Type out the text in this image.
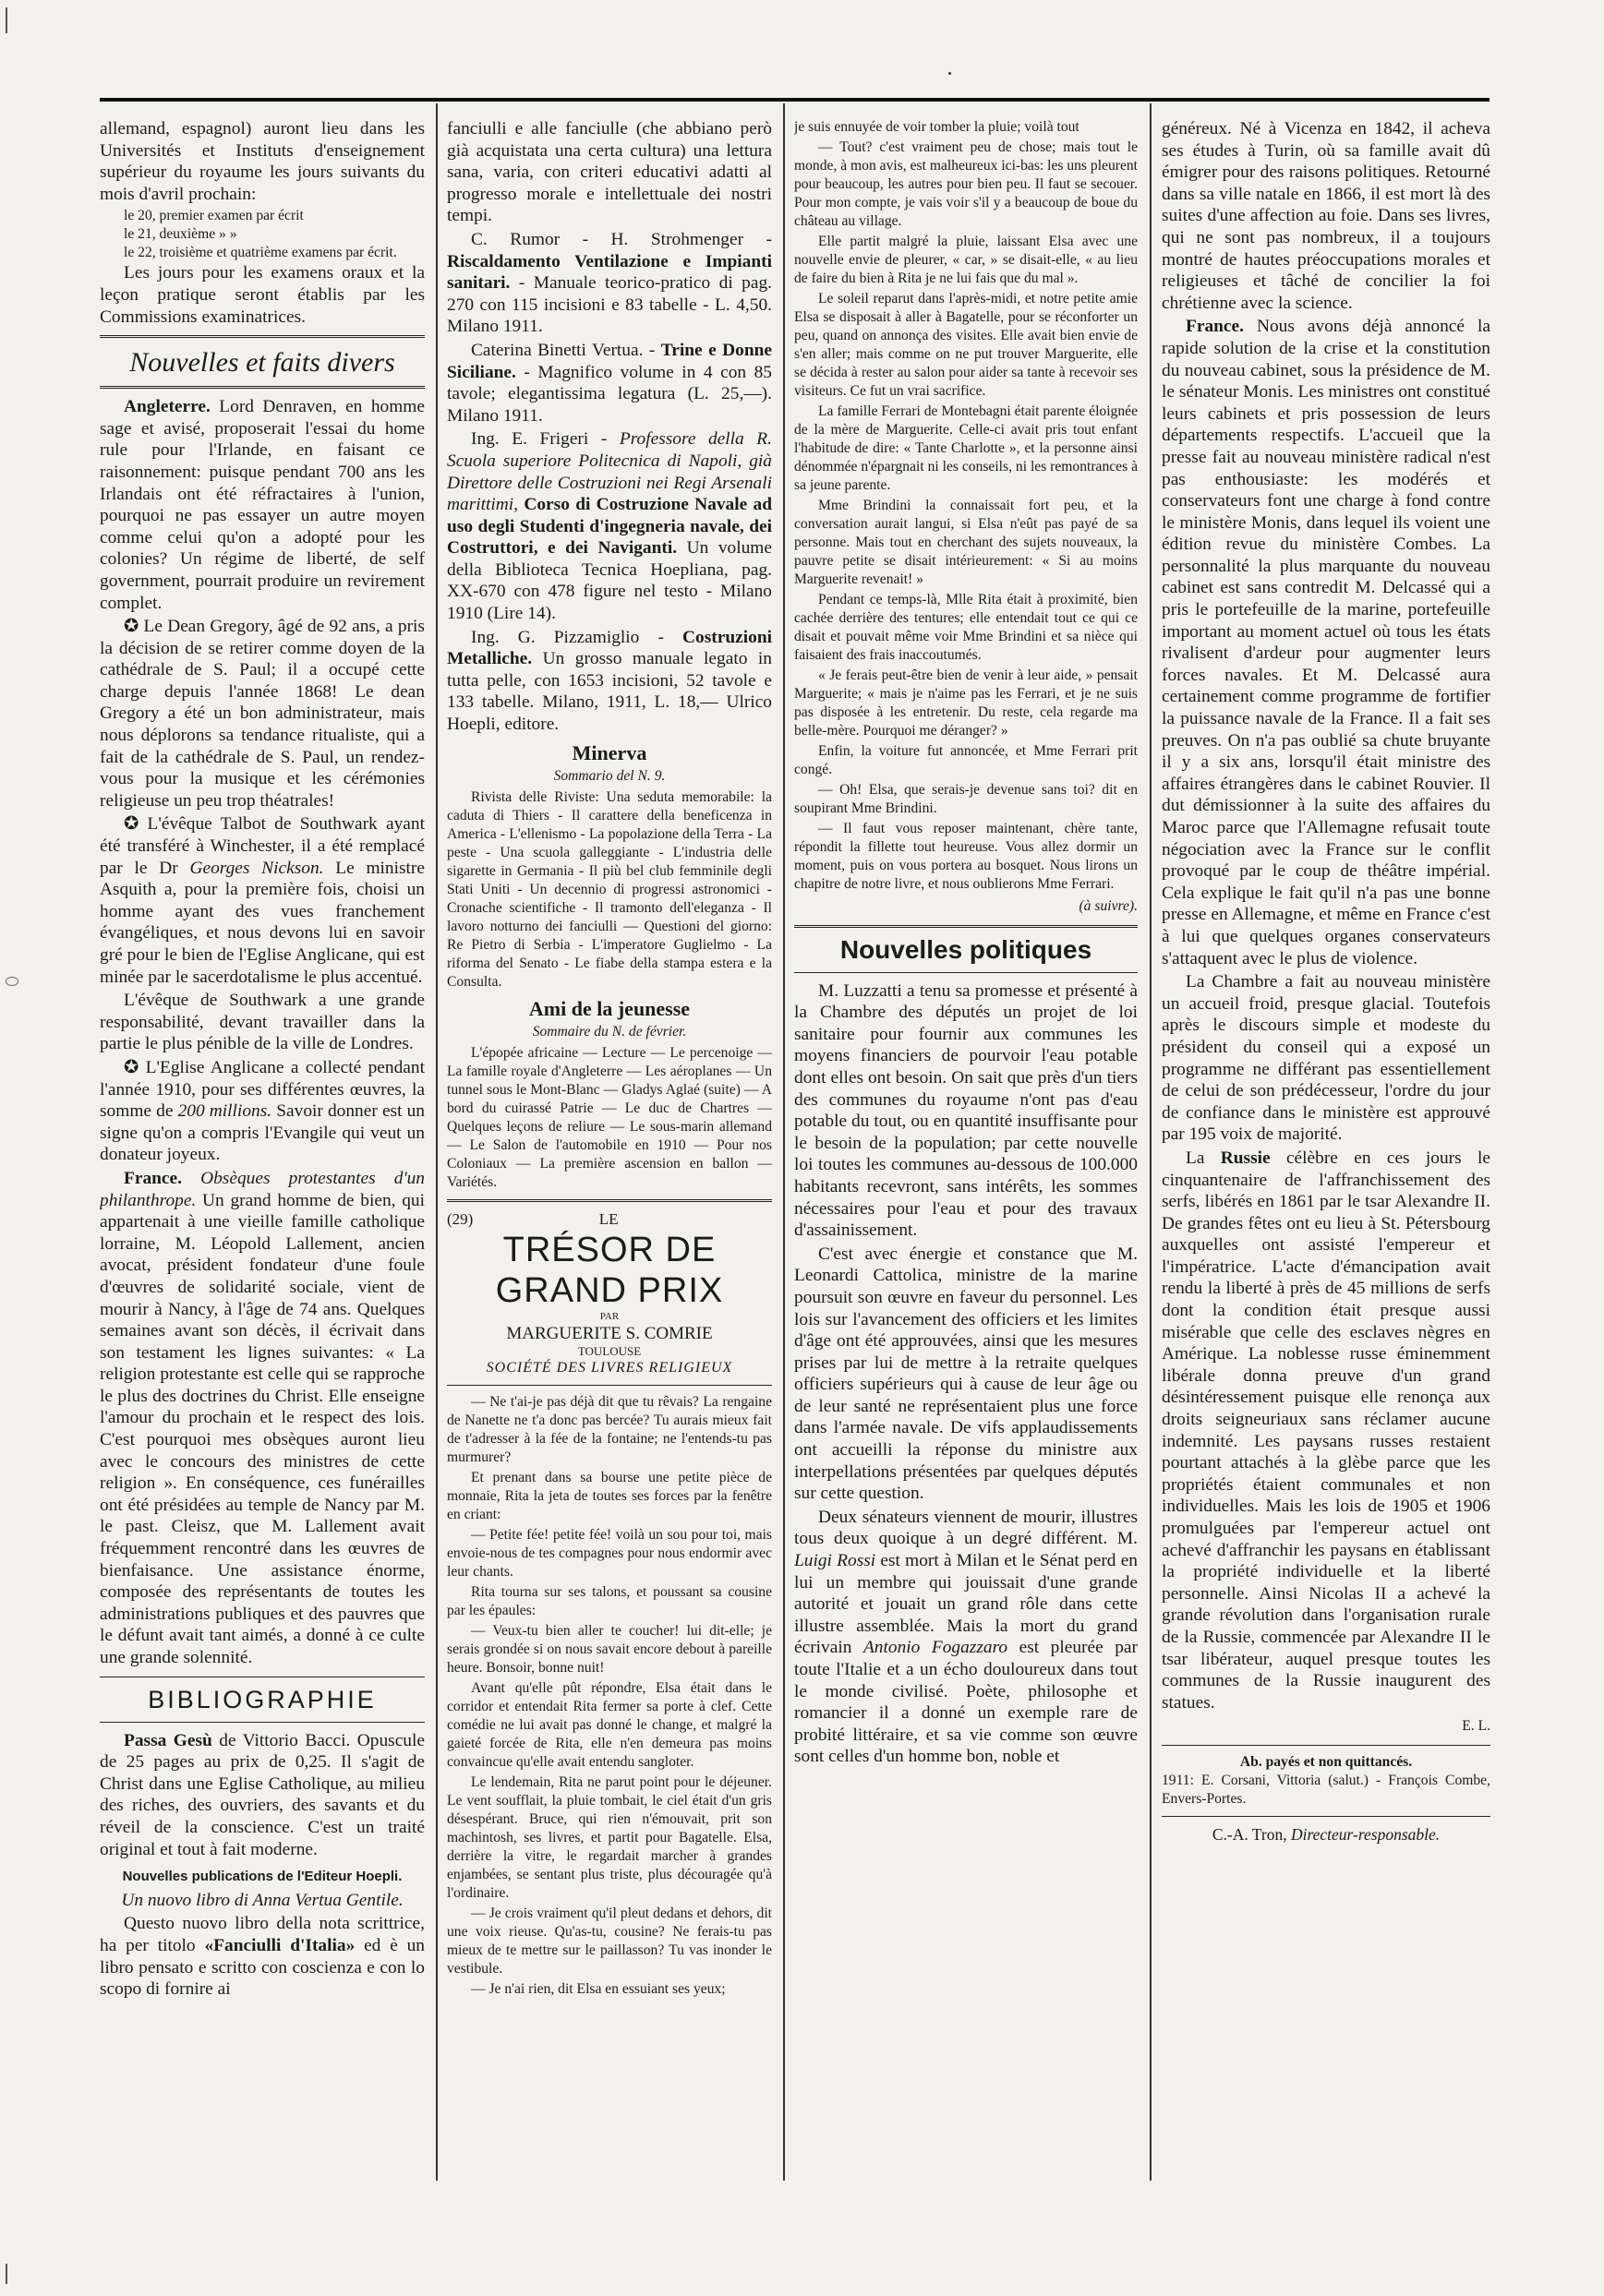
allemand, espagnol) auront lieu dans les Universités et Instituts d'enseignement supérieur du royaume les jours suivants du mois d'avril prochain:

le 20, premier examen par écrit
le 21, deuxième » »
le 22, troisième et quatrième examens par écrit.

Les jours pour les examens oraux et la leçon pratique seront établis par les Commissions examinatrices.

Nouvelles et faits divers

Angleterre. Lord Denraven, en homme sage et avisé, proposerait l'essai du home rule pour l'Irlande, en faisant ce raisonnement: puisque pendant 700 ans les Irlandais ont été réfractaires à l'union, pourquoi ne pas essayer un autre moyen comme celui qu'on a adopté pour les colonies? Un régime de liberté, de self government, pourrait produire un revirement complet.

✪ Le Dean Gregory, âgé de 92 ans, a pris la décision de se retirer comme doyen de la cathédrale de S. Paul; il a occupé cette charge depuis l'année 1868! Le dean Gregory a été un bon administrateur, mais nous déplorons sa tendance ritualiste, qui a fait de la cathédrale de S. Paul, un rendez-vous pour la musique et les cérémonies religieuse un peu trop théatrales!

✪ L'évêque Talbot de Southwark ayant été transféré à Winchester, il a été remplacé par le Dr Georges Nickson. Le ministre Asquith a, pour la première fois, choisi un homme ayant des vues franchement évangéliques, et nous devons lui en savoir gré pour le bien de l'Eglise Anglicane, qui est minée par le sacerdotalisme le plus accentué.

L'évêque de Southwark a une grande responsabilité, devant travailler dans la partie le plus pénible de la ville de Londres.

✪ L'Eglise Anglicane a collecté pendant l'année 1910, pour ses différentes œuvres, la somme de 200 millions. Savoir donner est un signe qu'on a compris l'Evangile qui veut un donateur joyeux.

France. Obsèques protestantes d'un philanthrope. Un grand homme de bien, qui appartenait à une vieille famille catholique lorraine, M. Léopold Lallement, ancien avocat, président fondateur d'une foule d'œuvres de solidarité sociale, vient de mourir à Nancy, à l'âge de 74 ans. Quelques semaines avant son décès, il écrivait dans son testament les lignes suivantes: « La religion protestante est celle qui se rapproche le plus des doctrines du Christ. Elle enseigne l'amour du prochain et le respect des lois. C'est pourquoi mes obsèques auront lieu avec le concours des ministres de cette religion ». En conséquence, ces funérailles ont été présidées au temple de Nancy par M. le past. Cleisz, que M. Lallement avait fréquemment rencontré dans les œuvres de bienfaisance. Une assistance énorme, composée des représentants de toutes les administrations publiques et des pauvres que le défunt avait tant aimés, a donné à ce culte une grande solennité.

BIBLIOGRAPHIE

Passa Gesù de Vittorio Bacci. Opuscule de 25 pages au prix de 0,25. Il s'agit de Christ dans une Eglise Catholique, au milieu des riches, des ouvriers, des savants et du réveil de la conscience. C'est un traité original et tout à fait moderne.

Nouvelles publications de l'Editeur Hoepli.

Un nuovo libro di Anna Vertua Gentile.

Questo nuovo libro della nota scrittrice, ha per titolo «Fanciulli d'Italia» ed è un libro pensato e scritto con coscienza e con lo scopo di fornire ai

fanciulli e alle fanciulle (che abbiano però già acquistata una certa cultura) una lettura sana, varia, con criteri educativi adatti al progresso morale e intellettuale dei nostri tempi.

C. Rumor - H. Strohmenger - Riscaldamento Ventilazione e Impianti sanitari. - Manuale teorico-pratico di pag. 270 con 115 incisioni e 83 tabelle - L. 4,50. Milano 1911.

Caterina Binetti Vertua. - Trine e Donne Siciliane. - Magnifico volume in 4 con 85 tavole; elegantissima legatura (L. 25,—). Milano 1911.

Ing. E. Frigeri - Professore della R. Scuola superiore Politecnica di Napoli, già Direttore delle Costruzioni nei Regi Arsenali marittimi, Corso di Costruzione Navale ad uso degli Studenti d'ingegneria navale, dei Costruttori, e dei Naviganti. Un volume della Biblioteca Tecnica Hoepliana, pag. XX-670 con 478 figure nel testo - Milano 1910 (Lire 14).

Ing. G. Pizzamiglio - Costruzioni Metalliche. Un grosso manuale legato in tutta pelle, con 1653 incisioni, 52 tavole e 133 tabelle. Milano, 1911, L. 18,— Ulrico Hoepli, editore.

Minerva
Sommario del N. 9.

Rivista delle Riviste: Una seduta memorabile: la caduta di Thiers - Il carattere della beneficenza in America - L'ellenismo - La popolazione della Terra - La peste - Una scuola galleggiante - L'industria delle sigarette in Germania - Il più bel club femminile degli Stati Uniti - Un decennio di progressi astronomici - Cronache scientifiche - Il tramonto dell'eleganza - Il lavoro notturno dei fanciulli — Questioni del giorno: Re Pietro di Serbia - L'imperatore Guglielmo - La riforma del Senato - Le fiabe della stampa estera e la Consulta.

Ami de la jeunesse
Sommaire du N. de février.

L'épopée africaine — Lecture — Le percenoige — La famille royale d'Angleterre — Les aéroplanes — Un tunnel sous le Mont-Blanc — Gladys Aglaé (suite) — A bord du cuirassé Patrie — Le duc de Chartres — Quelques leçons de reliure — Le sous-marin allemand — Le Salon de l'automobile en 1910 — Pour nos Coloniaux — La première ascension en ballon — Variétés.

(29)	LE
TRÉSOR DE GRAND PRIX
PAR
MARGUERITE S. COMRIE
TOULOUSE
SOCIÉTÉ DES LIVRES RELIGIEUX

— Ne t'ai-je pas déjà dit que tu rêvais? La rengaine de Nanette ne t'a donc pas bercée? Tu aurais mieux fait de t'adresser à la fée de la fontaine; ne l'entends-tu pas murmurer?

Et prenant dans sa bourse une petite pièce de monnaie, Rita la jeta de toutes ses forces par la fenêtre en criant:

— Petite fée! petite fée! voilà un sou pour toi, mais envoie-nous de tes compagnes pour nous endormir avec leur chants.

Rita tourna sur ses talons, et poussant sa cousine par les épaules:

— Veux-tu bien aller te coucher! lui dit-elle; je serais grondée si on nous savait encore debout à pareille heure. Bonsoir, bonne nuit!

Avant qu'elle pût répondre, Elsa était dans le corridor et entendait Rita fermer sa porte à clef. Cette comédie ne lui avait pas donné le change, et malgré la gaieté forcée de Rita, elle n'en demeura pas moins convaincue qu'elle avait entendu sangloter.

Le lendemain, Rita ne parut point pour le déjeuner. Le vent soufflait, la pluie tombait, le ciel était d'un gris désespérant. Bruce, qui rien n'émouvait, prit son machintosh, ses livres, et partit pour Bagatelle. Elsa, derrière la vitre, le regardait marcher à grandes enjambées, se sentant plus triste, plus découragée qu'à l'ordinaire.

— Je crois vraiment qu'il pleut dedans et dehors, dit une voix rieuse. Qu'as-tu, cousine? Ne ferais-tu pas mieux de te mettre sur le paillasson? Tu vas inonder le vestibule.

— Je n'ai rien, dit Elsa en essuiant ses yeux;

je suis ennuyée de voir tomber la pluie; voilà tout

— Tout? c'est vraiment peu de chose; mais tout le monde, à mon avis, est malheureux ici-bas: les uns pleurent pour beaucoup, les autres pour bien peu. Il faut se secouer. Pour mon compte, je vais voir s'il y a beaucoup de boue du château au village.

Elle partit malgré la pluie, laissant Elsa avec une nouvelle envie de pleurer, « car, » se disait-elle, « au lieu de faire du bien à Rita je ne lui fais que du mal ».

Le soleil reparut dans l'après-midi, et notre petite amie Elsa se disposait à aller à Bagatelle, pour se réconforter un peu, quand on annonça des visites. Elle avait bien envie de s'en aller; mais comme on ne put trouver Marguerite, elle se décida à rester au salon pour aider sa tante à recevoir ses visiteurs. Ce fut un vrai sacrifice.

La famille Ferrari de Montebagni était parente éloignée de la mère de Marguerite. Celle-ci avait pris tout enfant l'habitude de dire: « Tante Charlotte », et la personne ainsi dénommée n'épargnait ni les conseils, ni les remontrances à sa jeune parente.

Mme Brindini la connaissait fort peu, et la conversation aurait langui, si Elsa n'eût pas payé de sa personne. Mais tout en cherchant des sujets nouveaux, la pauvre petite se disait intérieurement: « Si au moins Marguerite revenait! »

Pendant ce temps-là, Mlle Rita était à proximité, bien cachée derrière des tentures; elle entendait tout ce qui ce disait et pouvait même voir Mme Brindini et sa nièce qui faisaient des frais inaccoutumés.

« Je ferais peut-être bien de venir à leur aide, » pensait Marguerite; « mais je n'aime pas les Ferrari, et je ne suis pas disposée à les entretenir. Du reste, cela regarde ma belle-mère. Pourquoi me déranger? »

Enfin, la voiture fut annoncée, et Mme Ferrari prit congé.

— Oh! Elsa, que serais-je devenue sans toi? dit en soupirant Mme Brindini.

— Il faut vous reposer maintenant, chère tante, répondit la fillette tout heureuse. Vous allez dormir un moment, puis on vous portera au bosquet. Nous lirons un chapitre de notre livre, et nous oublierons Mme Ferrari.

(à suivre).
Nouvelles politiques

M. Luzzatti a tenu sa promesse et présenté à la Chambre des députés un projet de loi sanitaire pour fournir aux communes les moyens financiers de pourvoir l'eau potable dont elles ont besoin. On sait que près d'un tiers des communes du royaume n'ont pas d'eau potable du tout, ou en quantité insuffisante pour le besoin de la population; par cette nouvelle loi toutes les communes au-dessous de 100.000 habitants recevront, sans intérêts, les sommes nécessaires pour l'eau et pour des travaux d'assainissement.

C'est avec énergie et constance que M. Leonardi Cattolica, ministre de la marine poursuit son œuvre en faveur du personnel. Les lois sur l'avancement des officiers et les limites d'âge ont été approuvées, ainsi que les mesures prises par lui de mettre à la retraite quelques officiers supérieurs qui à cause de leur âge ou de leur santé ne représentaient plus une force dans l'armée navale. De vifs applaudissements ont accueilli la réponse du ministre aux interpellations présentées par quelques députés sur cette question.

Deux sénateurs viennent de mourir, illustres tous deux quoique à un degré différent. M. Luigi Rossi est mort à Milan et le Sénat perd en lui un membre qui jouissait d'une grande autorité et jouait un grand rôle dans cette illustre assemblée. Mais la mort du grand écrivain Antonio Fogazzaro est pleurée par toute l'Italie et a un écho douloureux dans tout le monde civilisé. Poète, philosophe et romancier il a donné un exemple rare de probité littéraire, et sa vie comme son œuvre sont celles d'un homme bon, noble et

généreux. Né à Vicenza en 1842, il acheva ses études à Turin, où sa famille avait dû émigrer pour des raisons politiques. Retourné dans sa ville natale en 1866, il est mort là des suites d'une affection au foie. Dans ses livres, qui ne sont pas nombreux, il a toujours montré de hautes préoccupations morales et religieuses et tâché de concilier la foi chrétienne avec la science.

France. Nous avons déjà annoncé la rapide solution de la crise et la constitution du nouveau cabinet, sous la présidence de M. le sénateur Monis. Les ministres ont constitué leurs cabinets et pris possession de leurs départements respectifs. L'accueil que la presse fait au nouveau ministère radical n'est pas enthousiaste: les modérés et conservateurs font une charge à fond contre le ministère Monis, dans lequel ils voient une édition revue du ministère Combes. La personnalité la plus marquante du nouveau cabinet est sans contredit M. Delcassé qui a pris le portefeuille de la marine, portefeuille important au moment actuel où tous les états rivalisent d'ardeur pour augmenter leurs forces navales. Et M. Delcassé aura certainement comme programme de fortifier la puissance navale de la France. Il a fait ses preuves. On n'a pas oublié sa chute bruyante il y a six ans, lorsqu'il était ministre des affaires étrangères dans le cabinet Rouvier. Il dut démissionner à la suite des affaires du Maroc parce que l'Allemagne refusait toute négociation avec la France sur le conflit provoqué par le coup de théâtre impérial. Cela explique le fait qu'il n'a pas une bonne presse en Allemagne, et même en France c'est à lui que quelques organes conservateurs s'attaquent avec le plus de violence.

La Chambre a fait au nouveau ministère un accueil froid, presque glacial. Toutefois après le discours simple et modeste du président du conseil qui a exposé un programme ne différant pas essentiellement de celui de son prédécesseur, l'ordre du jour de confiance dans le ministère est approuvé par 195 voix de majorité.

La Russie célèbre en ces jours le cinquantenaire de l'affranchissement des serfs, libérés en 1861 par le tsar Alexandre II. De grandes fêtes ont eu lieu à St. Pétersbourg auxquelles ont assisté l'empereur et l'impératrice. L'acte d'émancipation avait rendu la liberté à près de 45 millions de serfs dont la condition était presque aussi misérable que celle des esclaves nègres en Amérique. La noblesse russe éminemment libérale donna preuve d'un grand désintéressement puisque elle renonça aux droits seigneuriaux sans réclamer aucune indemnité. Les paysans russes restaient pourtant attachés à la glèbe parce que les propriétés étaient communales et non individuelles. Mais les lois de 1905 et 1906 promulguées par l'empereur actuel ont achevé d'affranchir les paysans en établissant la propriété individuelle et la liberté personnelle. Ainsi Nicolas II a achevé la grande révolution dans l'organisation rurale de la Russie, commencée par Alexandre II le tsar libérateur, auquel presque toutes les communes de la Russie inaugurent des statues.

E. L.
Ab. payés et non quittancés.

1911: E. Corsani, Vittoria (salut.) - François Combe, Envers-Portes.

C.-A. Tron, Directeur-responsable.
